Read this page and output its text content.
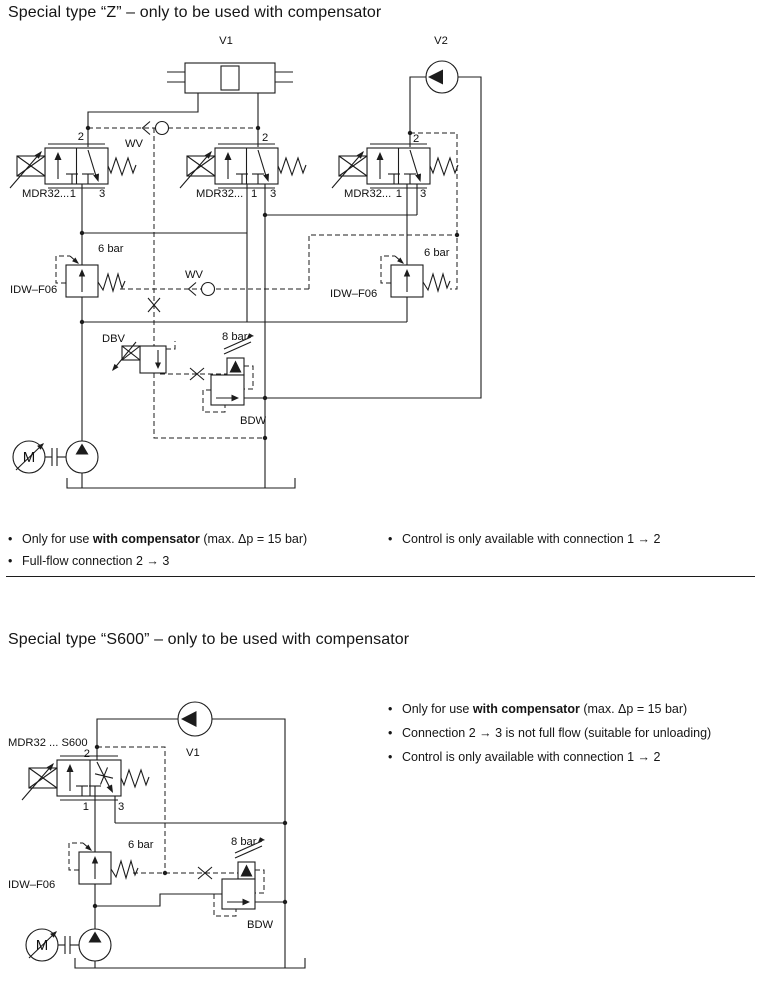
Special type “Z” – only to be used with compensator
V1	V2
WV
WV
MDR32...	MDR32...	MDR32...
6 bar	6 bar
IDW–F06	IDW–F06
DBV	8 bar
BDW
M
2	2	2
1	1	1
3	3	3
MDR32 ... S600
V1
6 bar
IDW–F06
8 bar
BDW
M
2
1	3
• Only for use with compensator (max. Δp = 15 bar)
• Full-flow connection 2 → 3
• Control is only available with connection 1 → 2
Special type “S600” – only to be used with compensator
• Only for use with compensator (max. Δp = 15 bar)
• Connection 2 → 3 is not full flow (suitable for unloading)
• Control is only available with connection 1 → 2
